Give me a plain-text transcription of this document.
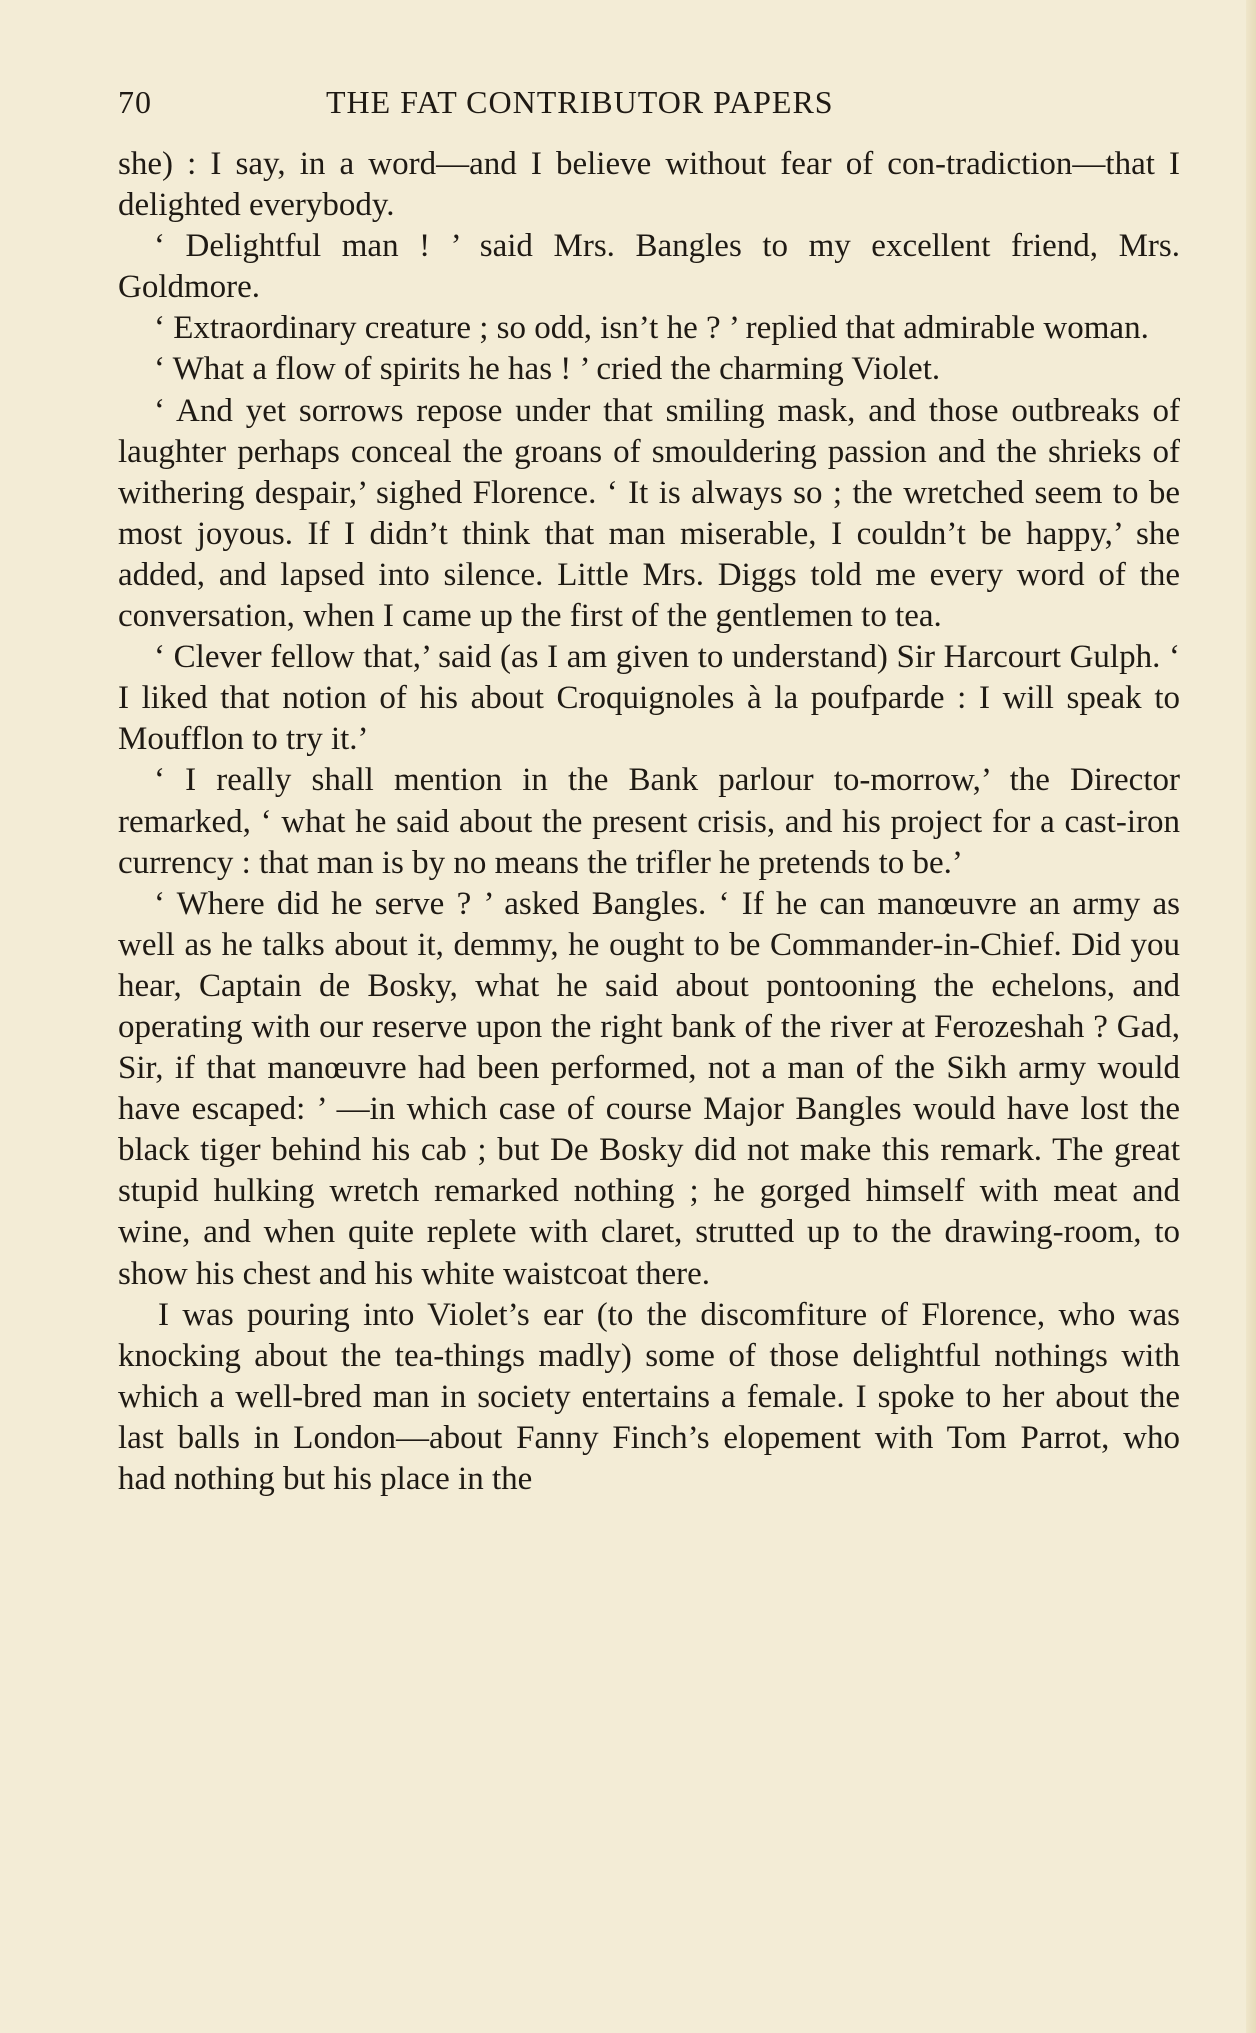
70	THE FAT CONTRIBUTOR PAPERS

she) : I say, in a word—and I believe without fear of con-tradiction—that I delighted everybody.

‘ Delightful man ! ’ said Mrs. Bangles to my excellent friend, Mrs. Goldmore.

‘ Extraordinary creature ; so odd, isn’t he ? ’ replied that admirable woman.

‘ What a flow of spirits he has ! ’ cried the charming Violet.

‘ And yet sorrows repose under that smiling mask, and those outbreaks of laughter perhaps conceal the groans of smouldering passion and the shrieks of withering despair,’ sighed Florence. ‘ It is always so ; the wretched seem to be most joyous. If I didn’t think that man miserable, I couldn’t be happy,’ she added, and lapsed into silence. Little Mrs. Diggs told me every word of the conversation, when I came up the first of the gentlemen to tea.

‘ Clever fellow that,’ said (as I am given to understand) Sir Harcourt Gulph. ‘ I liked that notion of his about Croquignoles à la poufparde : I will speak to Moufflon to try it.’

‘ I really shall mention in the Bank parlour to-morrow,’ the Director remarked, ‘ what he said about the present crisis, and his project for a cast-iron currency : that man is by no means the trifler he pretends to be.’

‘ Where did he serve ? ’ asked Bangles. ‘ If he can manœuvre an army as well as he talks about it, demmy, he ought to be Commander-in-Chief. Did you hear, Captain de Bosky, what he said about pontooning the echelons, and operating with our reserve upon the right bank of the river at Ferozeshah ? Gad, Sir, if that manœuvre had been performed, not a man of the Sikh army would have escaped: ’ —in which case of course Major Bangles would have lost the black tiger behind his cab ; but De Bosky did not make this remark. The great stupid hulking wretch remarked nothing ; he gorged himself with meat and wine, and when quite replete with claret, strutted up to the drawing-room, to show his chest and his white waistcoat there.

I was pouring into Violet’s ear (to the discomfiture of Florence, who was knocking about the tea-things madly) some of those delightful nothings with which a well-bred man in society entertains a female. I spoke to her about the last balls in London—about Fanny Finch’s elopement with Tom Parrot, who had nothing but his place in the
